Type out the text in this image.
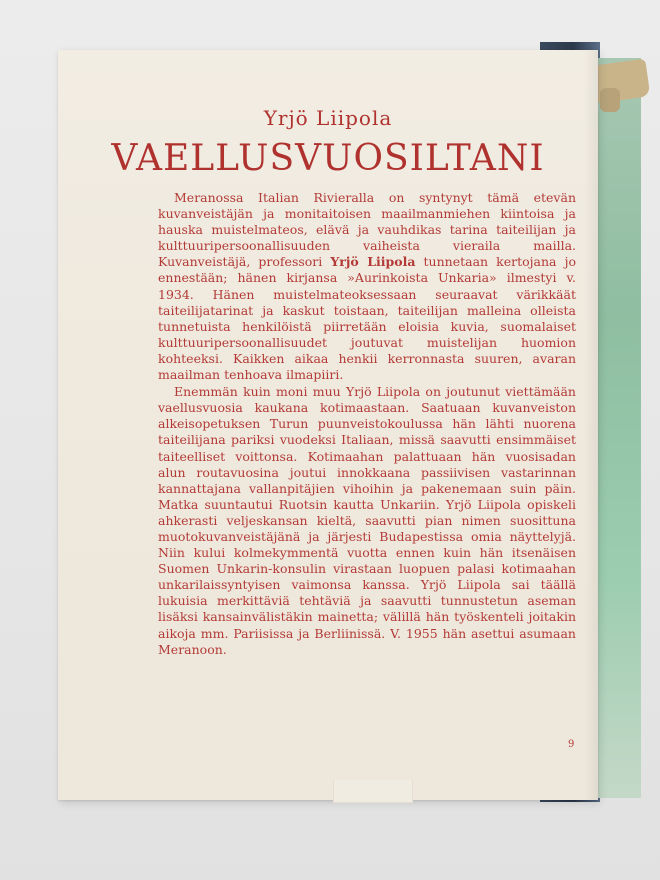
Yrjö Liipola
VAELLUSVUOSILTANI

Meranossa Italian Rivieralla on syntynyt tämä etevän kuvanveistäjän ja monitaitoisen maailmanmiehen kiintoisa ja hauska muistelmateos, elävä ja vauhdikas tarina taiteilijan ja kulttuuripersoonallisuuden vaiheista vieraila mailla. Kuvanveistäjä, professori Yrjö Liipola tunnetaan kertojana jo ennestään; hänen kirjansa »Aurinkoista Unkaria» ilmestyi v. 1934. Hänen muistelmateoksessaan seuraavat värikkäät taiteilijatarinat ja kaskut toistaan, taiteilijan malleina olleista tunnetuista henkilöistä piirretään eloisia kuvia, suomalaiset kulttuuripersoonallisuudet joutuvat muistelijan huomion kohteeksi. Kaikken aikaa henkii kerronnasta suuren, avaran maailman tenhoava ilmapiiri.

Enemmän kuin moni muu Yrjö Liipola on joutunut viettämään vaellusvuosia kaukana kotimaastaan. Saatuaan kuvanveiston alkeisopetuksen Turun puunveistokoulussa hän lähti nuorena taiteilijana pariksi vuodeksi Italiaan, missä saavutti ensimmäiset taiteelliset voittonsa. Kotimaahan palattuaan hän vuosisadan alun routavuosina joutui innokkaana passiivisen vastarinnan kannattajana vallanpitäjien vihoihin ja pakenemaan suin päin. Matka suuntautui Ruotsin kautta Unkariin. Yrjö Liipola opiskeli ahkerasti veljeskansan kieltä, saavutti pian nimen suosittuna muotokuvanveistäjänä ja järjesti Budapestissa omia näyttelyjä. Niin kului kolmekymmentä vuotta ennen kuin hän itsenäisen Suomen Unkarin-konsulin virastaan luopuen palasi kotimaahan unkarilaissyntyisen vaimonsa kanssa. Yrjö Liipola sai täällä lukuisia merkittäviä tehtäviä ja saavutti tunnustetun aseman lisäksi kansainvälistäkin mainetta; välillä hän työskenteli joitakin aikoja mm. Pariisissa ja Berliinissä. V. 1955 hän asettui asumaan Meranoon.

9
